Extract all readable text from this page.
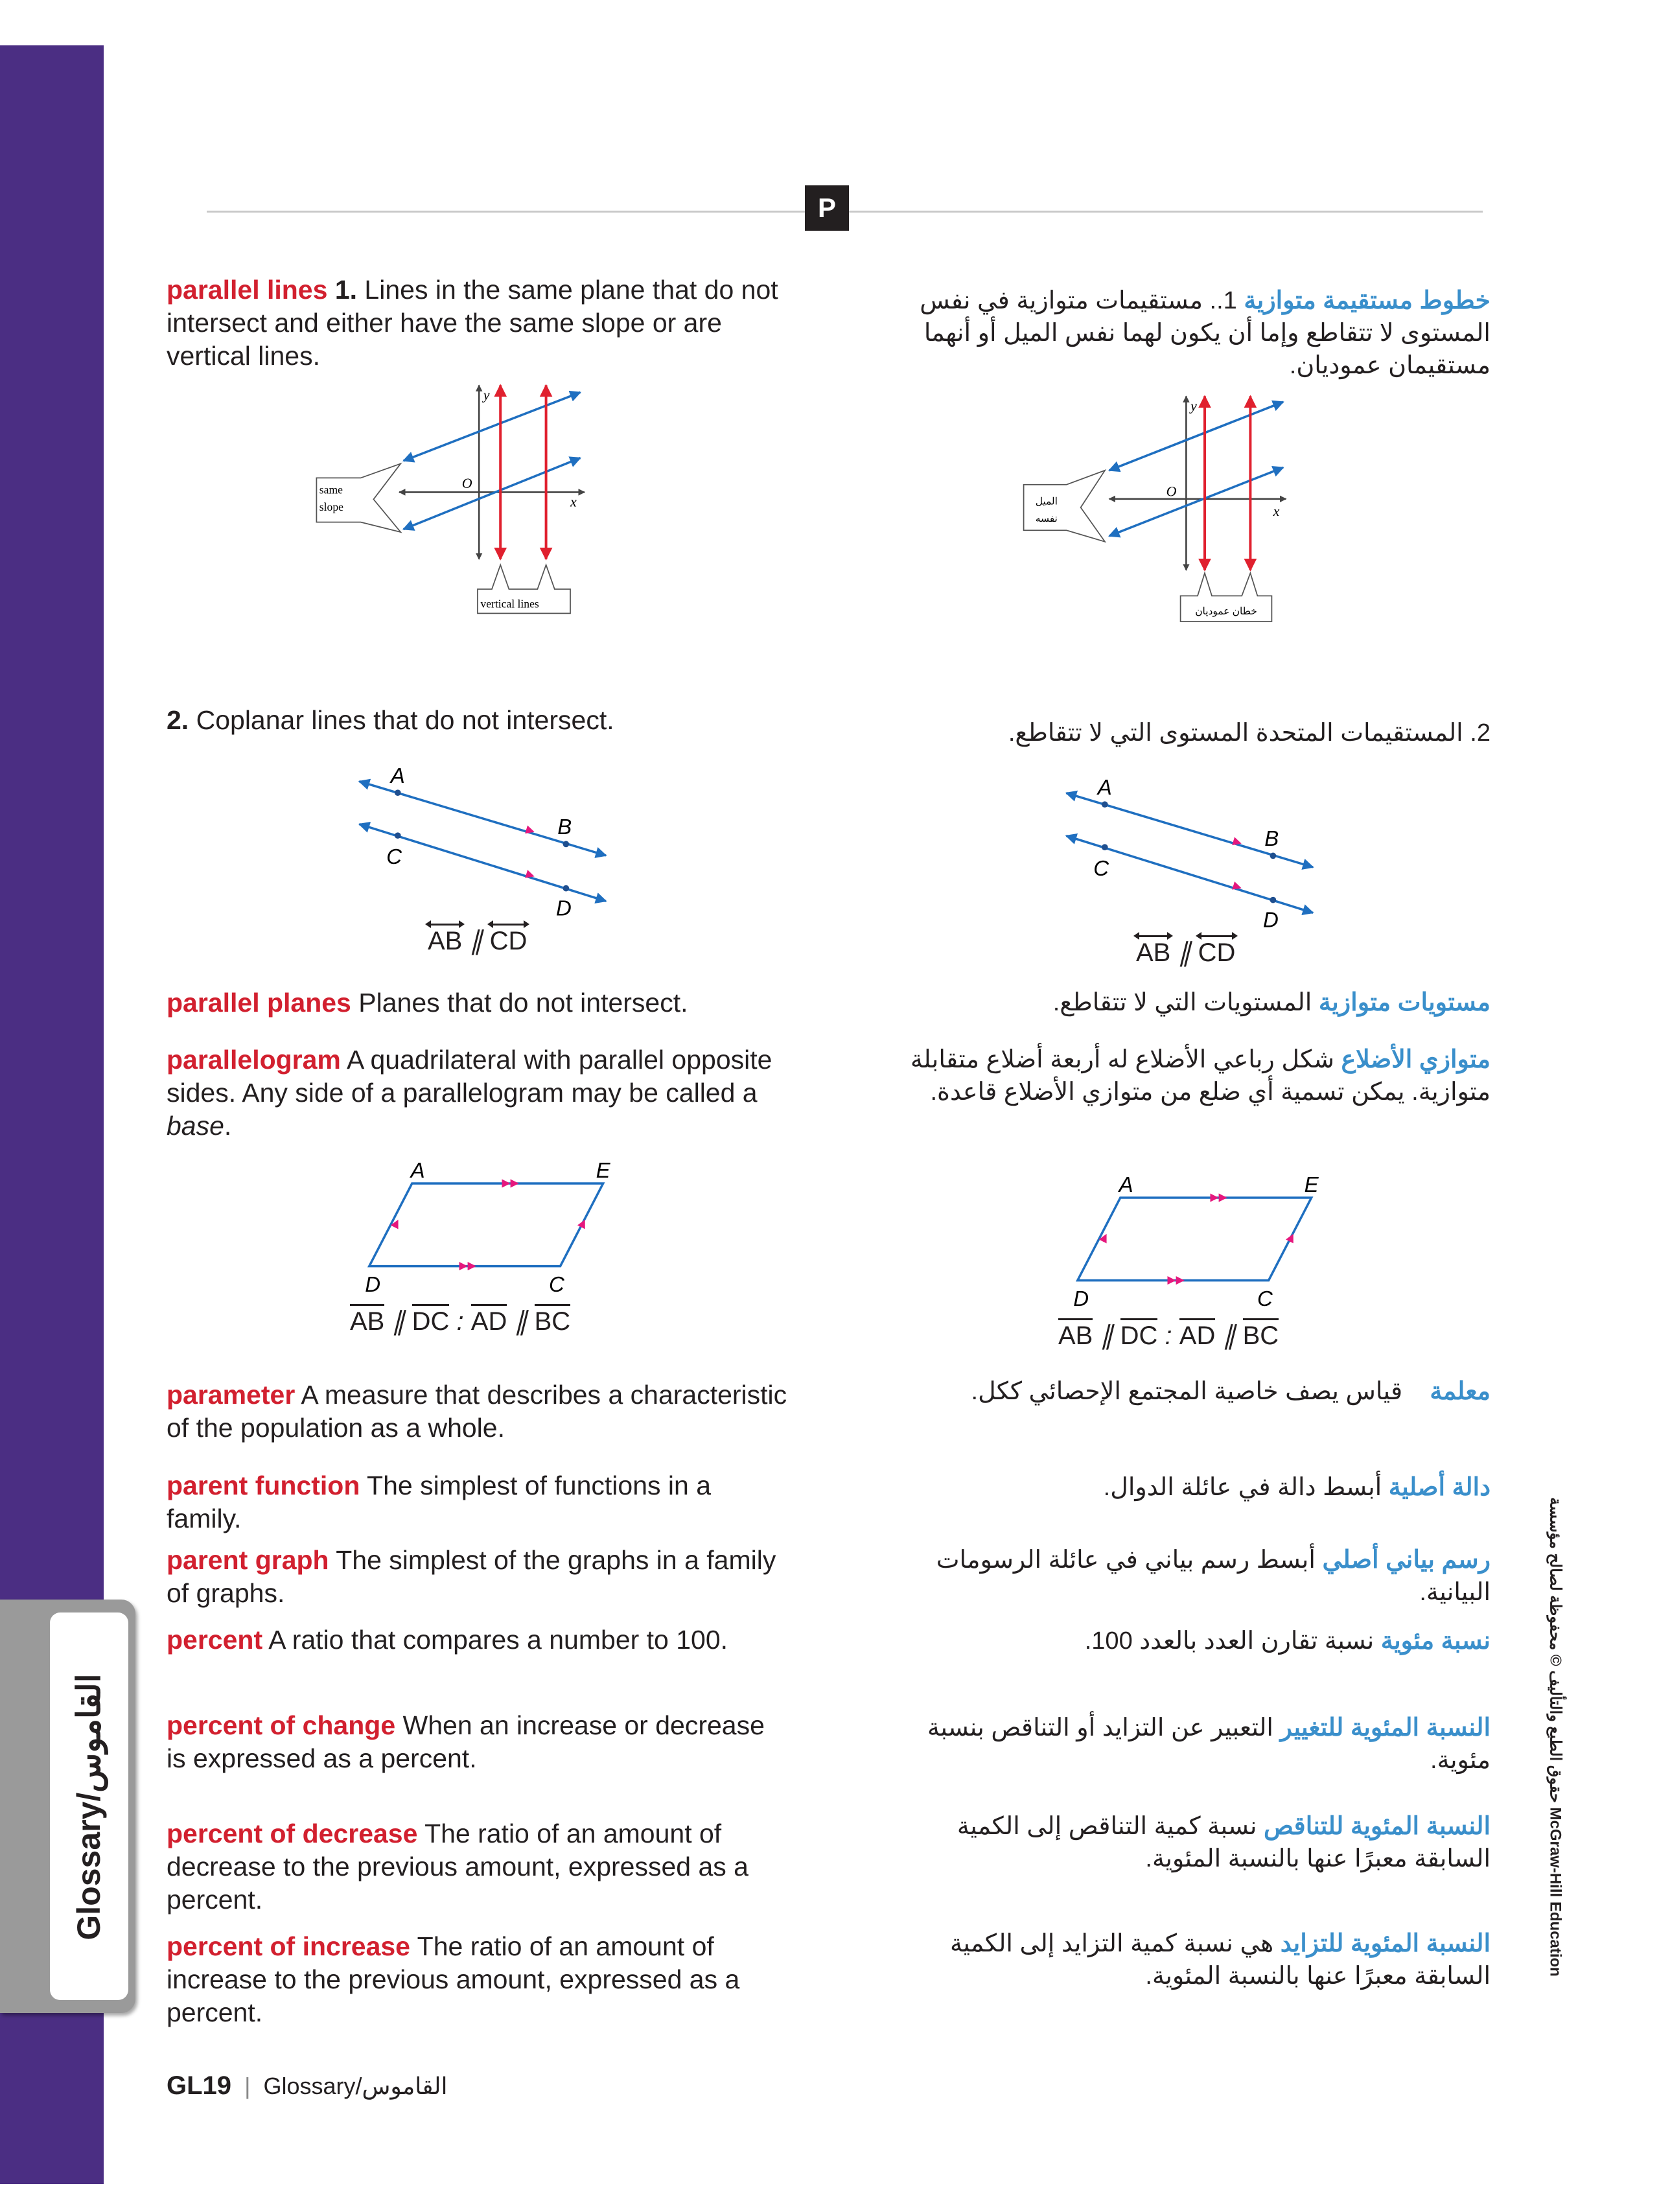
Glossary/القاموس
P
parallel lines 1. Lines in the same plane that do not intersect and either have the same slope or are vertical lines.
O
y
x
same
slope
vertical lines
2. Coplanar lines that do not intersect.
A
B
C
D
AB ∥ CD
parallel planes Planes that do not intersect.
parallelogram A quadrilateral with parallel opposite sides. Any side of a parallelogram may be called a base.
A	E
D	C
AB ∥ DC : AD ∥ BC
parameter A measure that describes a characteristic of the population as a whole.
parent function The simplest of functions in a family.
parent graph The simplest of the graphs in a family of graphs.
percent A ratio that compares a number to 100.
percent of change When an increase or decrease is expressed as a percent.
percent of decrease The ratio of an amount of decrease to the previous amount, expressed as a percent.
percent of increase The ratio of an amount of increase to the previous amount, expressed as a percent.
خطوط مستقيمة متوازية 1.. مستقيمات متوازية في نفس المستوى لا تتقاطع وإما أن يكون لهما نفس الميل أو أنهما مستقيمان عموديان.
O
y
x
الميل
نفسه
خطان عموديان
2. المستقيمات المتحدة المستوى التي لا تتقاطع.
A
B
C
D
AB ∥ CD
مستويات متوازية المستويات التي لا تتقاطع.
متوازي الأضلاع شكل رباعي الأضلاع له أربعة أضلاع متقابلة متوازية. يمكن تسمية أي ضلع من متوازي الأضلاع قاعدة.
A	E
D	C
AB ∥ DC : AD ∥ BC
معلمة    قياس يصف خاصية المجتمع الإحصائي ككل.
دالة أصلية أبسط دالة في عائلة الدوال.
رسم بياني أصلي أبسط رسم بياني في عائلة الرسومات البيانية.
نسبة مئوية نسبة تقارن العدد بالعدد 100.
النسبة المئوية للتغيير التعبير عن التزايد أو التناقص بنسبة مئوية.
النسبة المئوية للتناقص نسبة كمية التناقص إلى الكمية السابقة معبرًا عنها بالنسبة المئوية.
النسبة المئوية للتزايد هي نسبة كمية التزايد إلى الكمية السابقة معبرًا عنها بالنسبة المئوية.
حقوق الطبع والتأليف © محفوظة لصالح مؤسسة McGraw-Hill Education
GL19 | Glossary/القاموس
